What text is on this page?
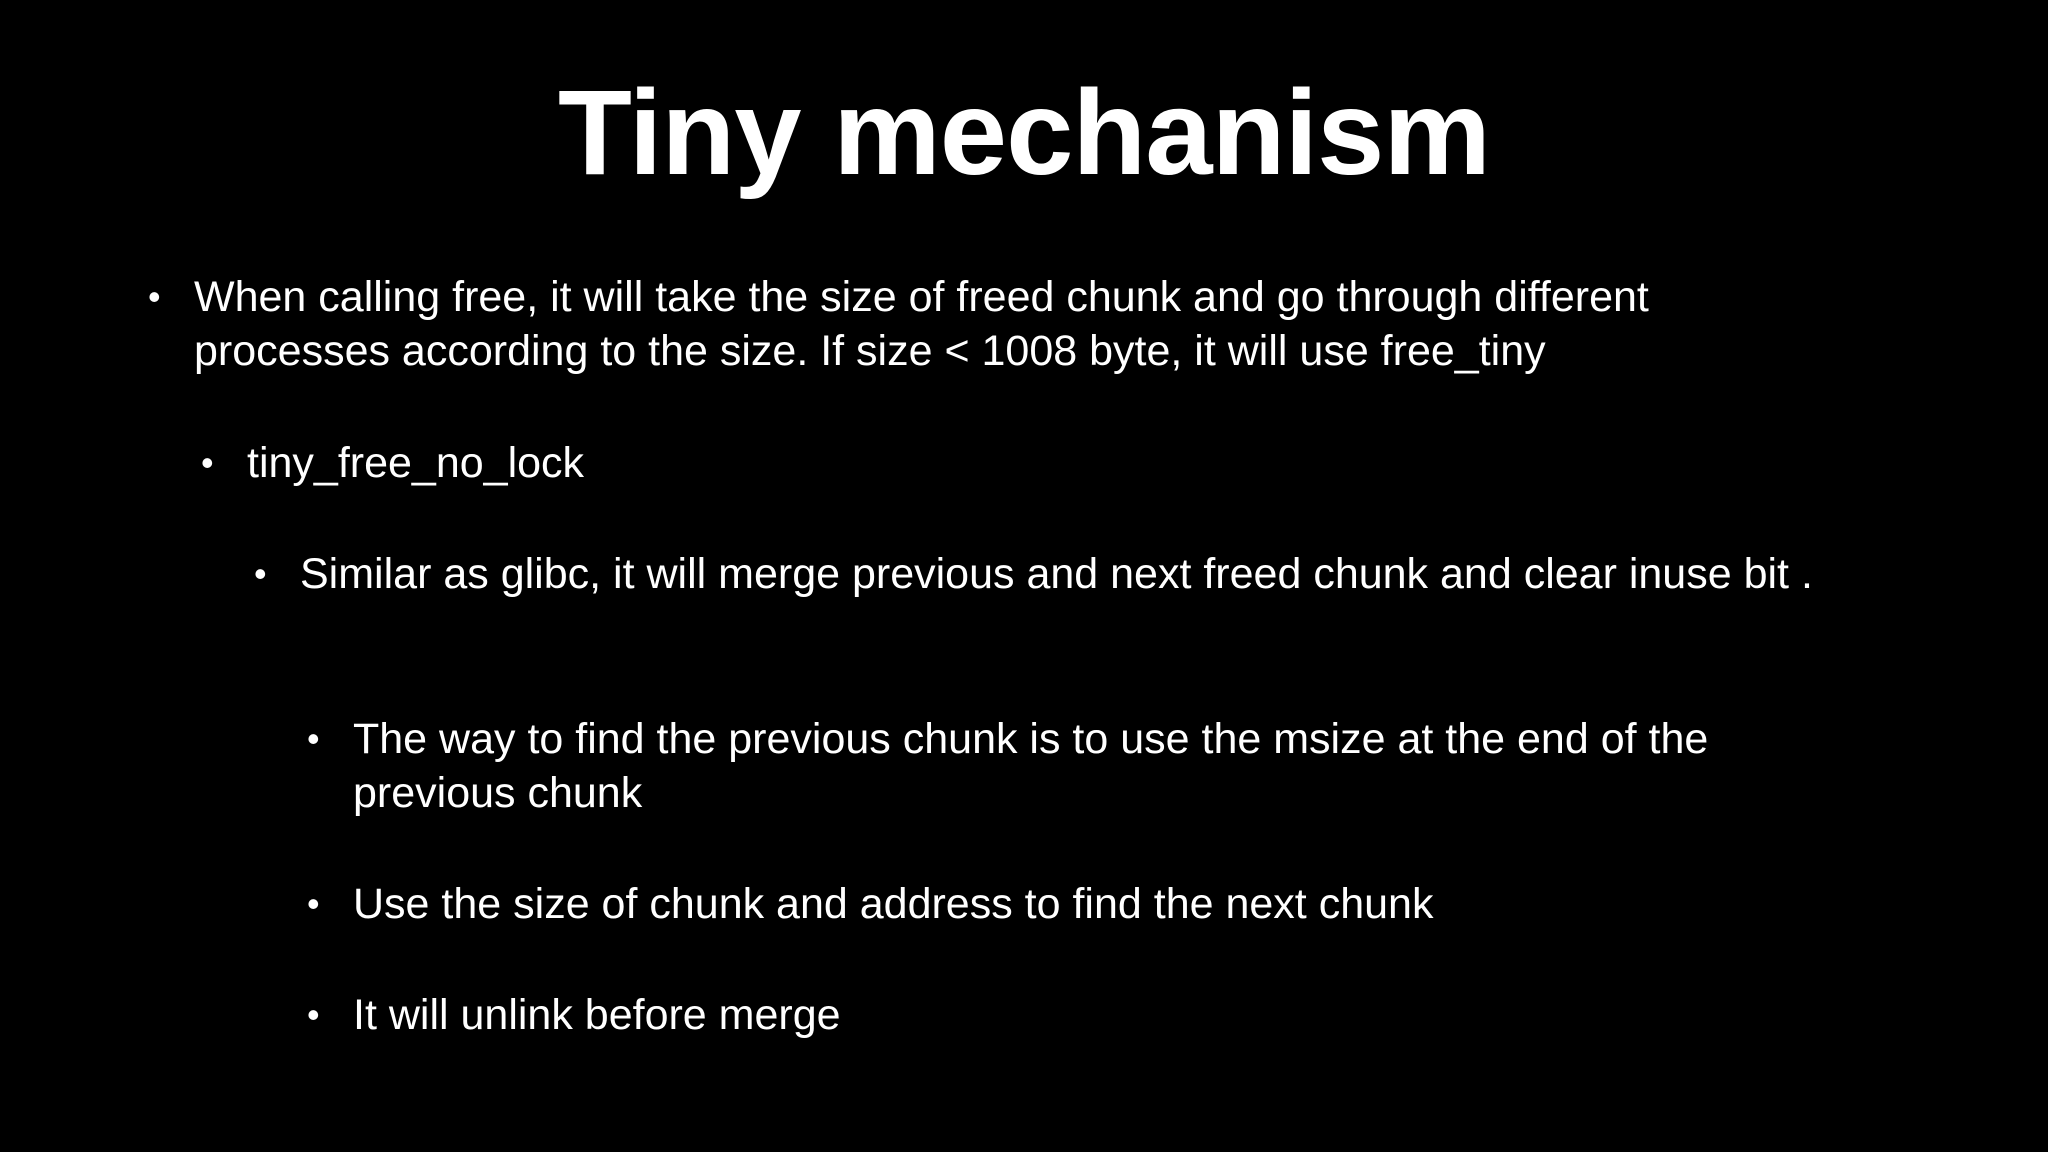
Tiny mechanism
• When calling free, it will take the size of freed chunk and go through different processes according to the size. If size < 1008 byte, it will use free_tiny
• tiny_free_no_lock
• Similar as glibc, it will merge previous and next freed chunk and clear inuse bit .
• The way to find the previous chunk is to use the msize at the end of the previous chunk
• Use the size of chunk and address to find the next chunk
• It will unlink before merge
